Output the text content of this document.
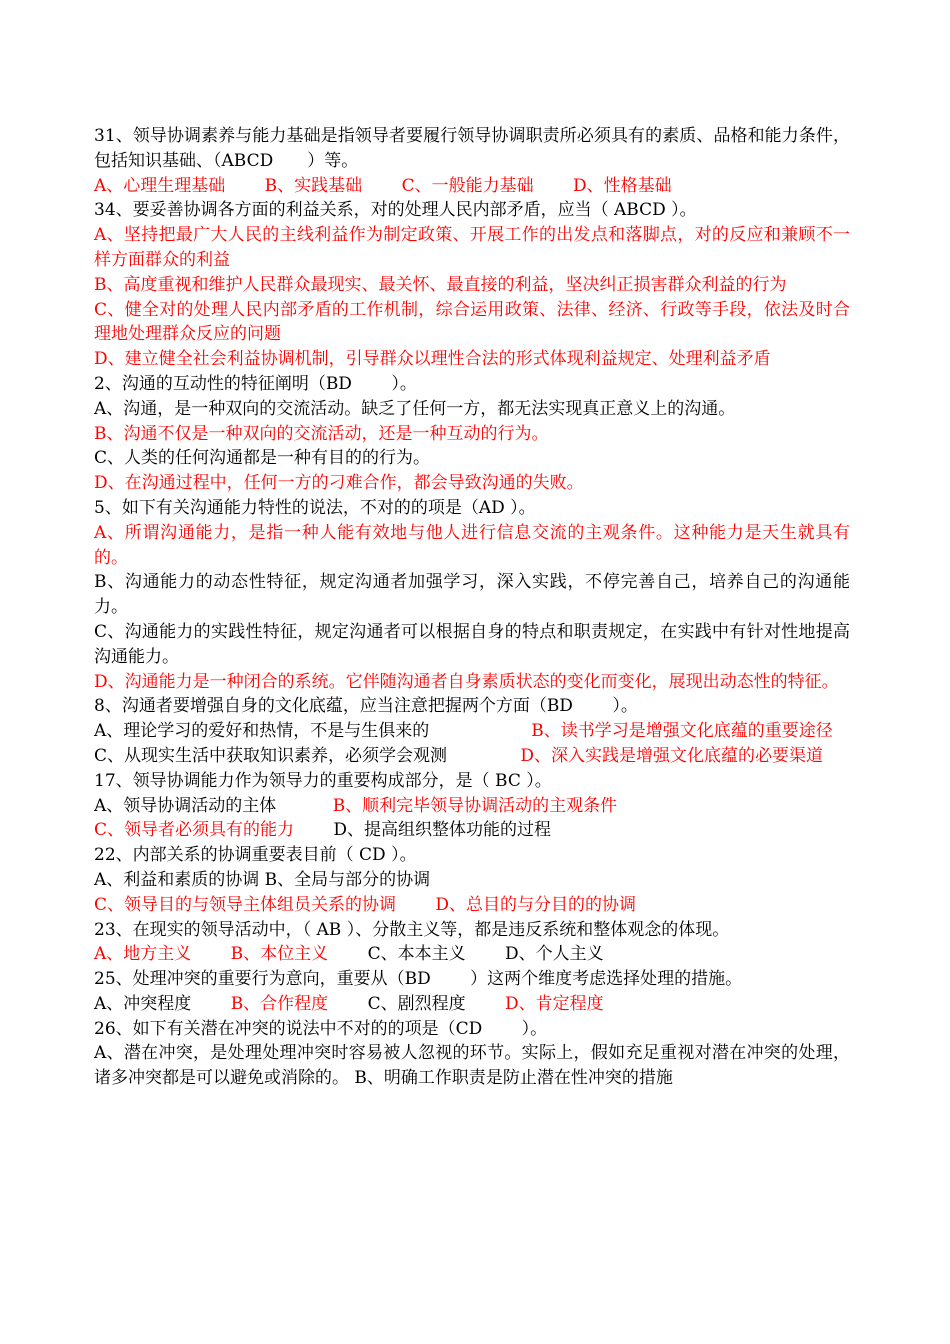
31、领导协调素养与能力基础是指领导者要履行领导协调职责所必须具有的素质、品格和能力条件，包括知识基础、（ABCD　　）等。

A、心理生理基础　　 B、实践基础　　 C、一般能力基础　　 D、性格基础

34、要妥善协调各方面的利益关系，对的处理人民内部矛盾，应当（ ABCD ）。

A、坚持把最广大人民的主线利益作为制定政策、开展工作的出发点和落脚点，对的反应和兼顾不一样方面群众的利益

B、高度重视和维护人民群众最现实、最关怀、最直接的利益，坚决纠正损害群众利益的行为

C、健全对的处理人民内部矛盾的工作机制，综合运用政策、法律、经济、行政等手段，依法及时合理地处理群众反应的问题

D、建立健全社会利益协调机制，引导群众以理性合法的形式体现利益规定、处理利益矛盾

2、沟通的互动性的特征阐明（BD　　 ）。

A、沟通，是一种双向的交流活动。缺乏了任何一方，都无法实现真正意义上的沟通。

B、沟通不仅是一种双向的交流活动，还是一种互动的行为。

C、人类的任何沟通都是一种有目的的行为。

D、在沟通过程中，任何一方的刁难合作，都会导致沟通的失败。

5、如下有关沟通能力特性的说法，不对的的项是（AD ）。

A、所谓沟通能力，是指一种人能有效地与他人进行信息交流的主观条件。这种能力是天生就具有的。

B、沟通能力的动态性特征，规定沟通者加强学习，深入实践，不停完善自己，培养自己的沟通能力。

C、沟通能力的实践性特征，规定沟通者可以根据自身的特点和职责规定，在实践中有针对性地提高沟通能力。

D、沟通能力是一种闭合的系统。它伴随沟通者自身素质状态的变化而变化，展现出动态性的特征。

8、沟通者要增强自身的文化底蕴，应当注意把握两个方面（BD　　 ）。

A、理论学习的爱好和热情，不是与生俱来的　　　　　　B、读书学习是增强文化底蕴的重要途径

C、从现实生活中获取知识素养，必须学会观测　　　　 D、深入实践是增强文化底蕴的必要渠道

17、领导协调能力作为领导力的重要构成部分，是（ BC ）。

A、领导协调活动的主体　　　 B、顺利完毕领导协调活动的主观条件

C、领导者必须具有的能力　　 D、提高组织整体功能的过程

22、内部关系的协调重要表目前（ CD ）。

A、利益和素质的协调 B、全局与部分的协调

C、领导目的与领导主体组员关系的协调　　 D、总目的与分目的的协调

23、在现实的领导活动中，（ AB ）、分散主义等，都是违反系统和整体观念的体现。

A、地方主义　　 B、本位主义　　 C、本本主义　　 D、个人主义

25、处理冲突的重要行为意向，重要从（BD　　 ）这两个维度考虑选择处理的措施。

A、冲突程度　　 B、合作程度　　 C、剧烈程度　　 D、肯定程度

26、如下有关潜在冲突的说法中不对的的项是（CD　　 ）。

A、潜在冲突，是处理处理冲突时容易被人忽视的环节。实际上，假如充足重视对潜在冲突的处理，诸多冲突都是可以避免或消除的。 B、明确工作职责是防止潜在性冲突的措施
